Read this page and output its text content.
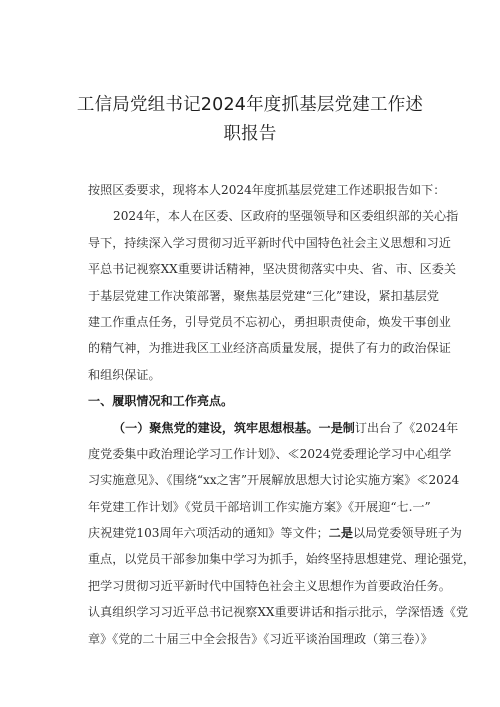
工信局党组书记2024年度抓基层党建工作述
职报告
按照区委要求，现将本人2024年度抓基层党建工作述职报告如下：
2024年，本人在区委、区政府的坚强领导和区委组织部的关心指
导下，持续深入学习贯彻习近平新时代中国特色社会主义思想和习近
平总书记视察XX重要讲话精神，坚决贯彻落实中央、省、市、区委关
于基层党建工作决策部署，聚焦基层党建“三化”建设，紧扣基层党
建工作重点任务，引导党员不忘初心，勇担职责使命，焕发干事创业
的精气神，为推进我区工业经济高质量发展，提供了有力的政治保证
和组织保证。
一、履职情况和工作亮点。
（一）聚焦党的建设，筑牢思想根基。一是制订出台了《2024年
度党委集中政治理论学习工作计划》、≪2024党委理论学习中心组学
习实施意见》、《围绕“xx之害”开展解放思想大讨论实施方案》≪2024
年党建工作计划》《党员干部培训工作实施方案》《开展迎“七.一”
庆祝建党103周年六项活动的通知》等文件；二是以局党委领导班子为
重点，以党员干部参加集中学习为抓手，始终坚持思想建党、理论强党，
把学习贯彻习近平新时代中国特色社会主义思想作为首要政治任务。
认真组织学习习近平总书记视察XX重要讲话和指示批示，学深悟透《党
章》《党的二十届三中全会报告》《习近平谈治国理政（第三卷）》
